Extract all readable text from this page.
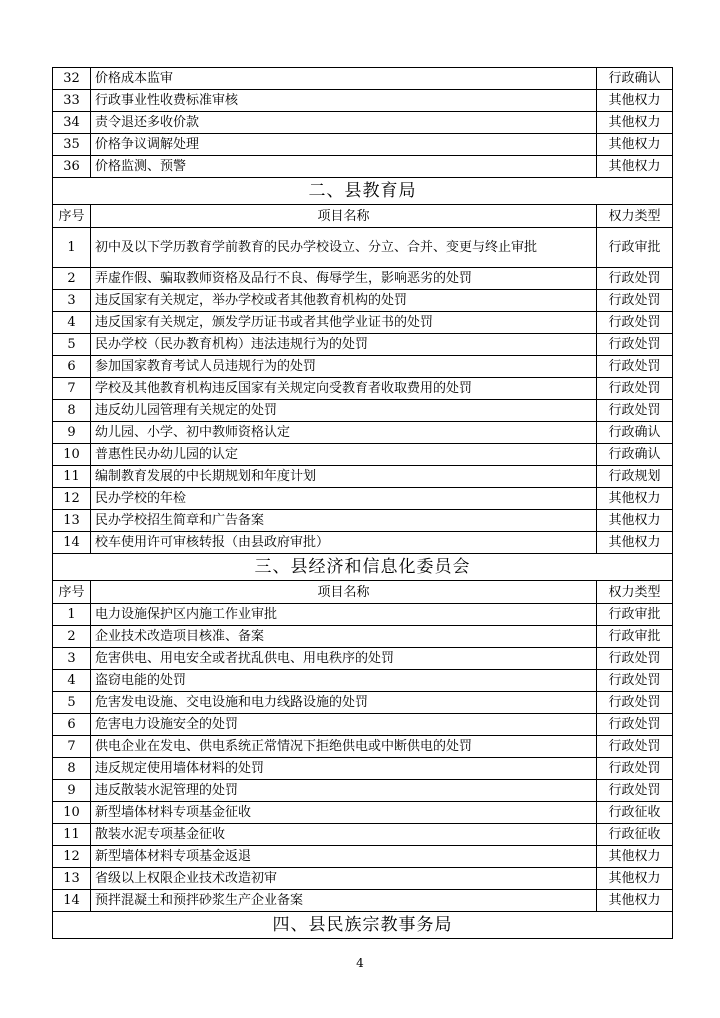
32	价格成本监审	行政确认
33	行政事业性收费标准审核	其他权力
34	责令退还多收价款	其他权力
35	价格争议调解处理	其他权力
36	价格监测、预警	其他权力
二、县教育局		
序号	项目名称	权力类型
1	初中及以下学历教育学前教育的民办学校设立、分立、合并、变更与终止审批	行政审批
2	弄虚作假、骗取教师资格及品行不良、侮辱学生，影响恶劣的处罚	行政处罚
3	违反国家有关规定，举办学校或者其他教育机构的处罚	行政处罚
4	违反国家有关规定，颁发学历证书或者其他学业证书的处罚	行政处罚
5	民办学校（民办教育机构）违法违规行为的处罚	行政处罚
6	参加国家教育考试人员违规行为的处罚	行政处罚
7	学校及其他教育机构违反国家有关规定向受教育者收取费用的处罚	行政处罚
8	违反幼儿园管理有关规定的处罚	行政处罚
9	幼儿园、小学、初中教师资格认定	行政确认
10	普惠性民办幼儿园的认定	行政确认
11	编制教育发展的中长期规划和年度计划	行政规划
12	民办学校的年检	其他权力
13	民办学校招生简章和广告备案	其他权力
14	校车使用许可审核转报（由县政府审批）	其他权力
三、县经济和信息化委员会		
序号	项目名称	权力类型
1	电力设施保护区内施工作业审批	行政审批
2	企业技术改造项目核准、备案	行政审批
3	危害供电、用电安全或者扰乱供电、用电秩序的处罚	行政处罚
4	盗窃电能的处罚	行政处罚
5	危害发电设施、交电设施和电力线路设施的处罚	行政处罚
6	危害电力设施安全的处罚	行政处罚
7	供电企业在发电、供电系统正常情况下拒绝供电或中断供电的处罚	行政处罚
8	违反规定使用墙体材料的处罚	行政处罚
9	违反散装水泥管理的处罚	行政处罚
10	新型墙体材料专项基金征收	行政征收
11	散装水泥专项基金征收	行政征收
12	新型墙体材料专项基金返退	其他权力
13	省级以上权限企业技术改造初审	其他权力
14	预拌混凝土和预拌砂浆生产企业备案	其他权力
四、县民族宗教事务局		
4
